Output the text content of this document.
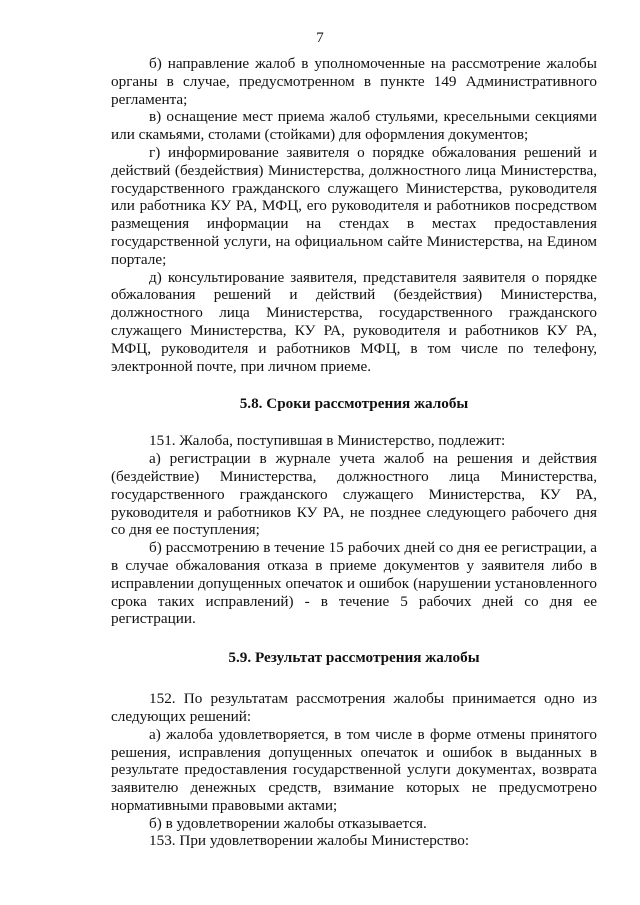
7

б) направление жалоб в уполномоченные на рассмотрение жалобы органы в случае, предусмотренном в пункте 149 Административного регламента;

в) оснащение мест приема жалоб стульями, кресельными секциями или скамьями, столами (стойками) для оформления документов;

г) информирование заявителя о порядке обжалования решений и действий (бездействия) Министерства, должностного лица Министерства, государственного гражданского служащего Министерства, руководителя или работника КУ РА, МФЦ, его руководителя и работников посредством размещения информации на стендах в местах предоставления государственной услуги, на официальном сайте Министерства, на Едином портале;

д) консультирование заявителя, представителя заявителя о порядке обжалования решений и действий (бездействия) Министерства, должностного лица Министерства, государственного гражданского служащего Министерства, КУ РА, руководителя и работников КУ РА, МФЦ, руководителя и работников МФЦ, в том числе по телефону, электронной почте, при личном приеме.

5.8. Сроки рассмотрения жалобы

151. Жалоба, поступившая в Министерство, подлежит:

а) регистрации в журнале учета жалоб на решения и действия (бездействие) Министерства, должностного лица Министерства, государственного гражданского служащего Министерства, КУ РА, руководителя и работников КУ РА, не позднее следующего рабочего дня со дня ее поступления;

б) рассмотрению в течение 15 рабочих дней со дня ее регистрации, а в случае обжалования отказа в приеме документов у заявителя либо в исправлении допущенных опечаток и ошибок (нарушении установленного срока таких исправлений) - в течение 5 рабочих дней со дня ее регистрации.

5.9. Результат рассмотрения жалобы

152. По результатам рассмотрения жалобы принимается одно из следующих решений:

а) жалоба удовлетворяется, в том числе в форме отмены принятого решения, исправления допущенных опечаток и ошибок в выданных в результате предоставления государственной услуги документах, возврата заявителю денежных средств, взимание которых не предусмотрено нормативными правовыми актами;

б) в удовлетворении жалобы отказывается.

153. При удовлетворении жалобы Министерство:
